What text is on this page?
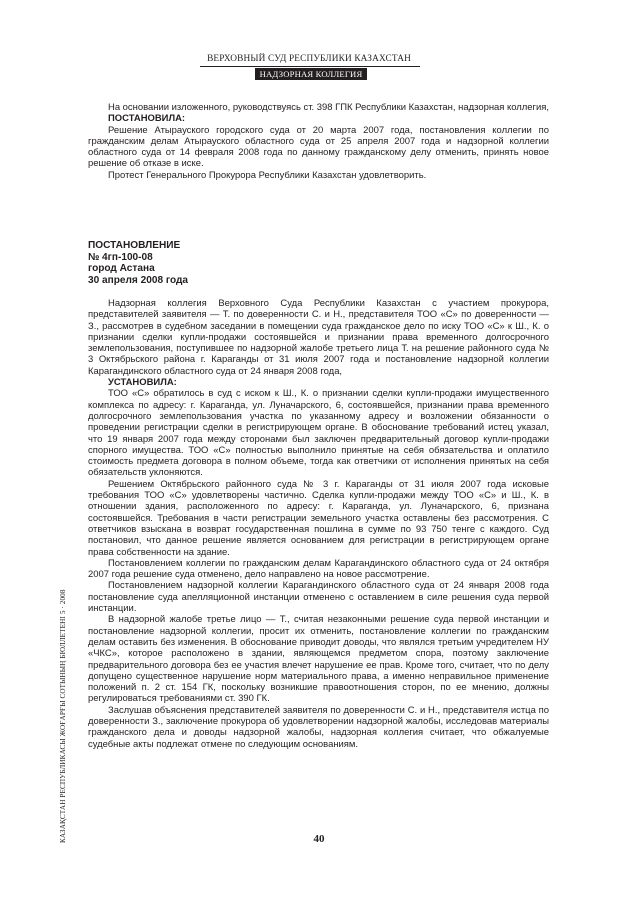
ВЕРХОВНЫЙ СУД РЕСПУБЛИКИ КАЗАХСТАН
НАДЗОРНАЯ КОЛЛЕГИЯ
КАЗАҚСТАН РЕСПУБЛИКАСЫ ЖОҒАРҒЫ СОТЫНЫҢ БЮЛЛЕТЕНІ 5 · 2008

На основании изложенного, руководствуясь ст. 398 ГПК Республики Казахстан, надзорная коллегия,

ПОСТАНОВИЛА:

Решение Атырауского городского суда от 20 марта 2007 года, постановления коллегии по гражданским делам Атырауского областного суда от 25 апреля 2007 года и надзорной коллегии областного суда от 14 февраля 2008 года по данному гражданскому делу отменить, принять новое решение об отказе в иске.

Протест Генерального Прокурора Республики Казахстан удовлетворить.

ПОСТАНОВЛЕНИЕ
№ 4гп-100-08
город Астана
30 апреля 2008 года

Надзорная коллегия Верховного Суда Республики Казахстан с участием прокурора, представителей заявителя — Т. по доверенности С. и Н., представителя ТОО «С» по доверенности — З., рассмотрев в судебном заседании в помещении суда гражданское дело по иску ТОО «С» к Ш., К. о признании сделки купли-продажи состоявшейся и признании права временного долгосрочного землепользования, поступившее по надзорной жалобе третьего лица Т. на решение районного суда № 3 Октябрьского района г. Караганды от 31 июля 2007 года и постановление надзорной коллегии Карагандинского областного суда от 24 января 2008 года,

УСТАНОВИЛА:

ТОО «С» обратилось в суд с иском к Ш., К. о признании сделки купли-продажи имущественного комплекса по адресу: г. Караганда, ул. Луначарского, 6, состоявшейся, признании права временного долгосрочного землепользования участка по указанному адресу и возложении обязанности о проведении регистрации сделки в регистрирующем органе. В обоснование требований истец указал, что 19 января 2007 года между сторонами был заключен предварительный договор купли-продажи спорного имущества. ТОО «С» полностью выполнило принятые на себя обязательства и оплатило стоимость предмета договора в полном объеме, тогда как ответчики от исполнения принятых на себя обязательств уклоняются.

Решением Октябрьского районного суда № 3 г. Караганды от 31 июля 2007 года исковые требования ТОО «С» удовлетворены частично. Сделка купли-продажи между ТОО «С» и Ш., К. в отношении здания, расположенного по адресу: г. Караганда, ул. Луначарского, 6, признана состоявшейся. Требования в части регистрации земельного участка оставлены без рассмотрения. С ответчиков взыскана в возврат государственная пошлина в сумме по 93 750 тенге с каждого. Суд постановил, что данное решение является основанием для регистрации в регистрирующем органе права собственности на здание.

Постановлением коллегии по гражданским делам Карагандинского областного суда от 24 октября 2007 года решение суда отменено, дело направлено на новое рассмотрение.

Постановлением надзорной коллегии Карагандинского областного суда от 24 января 2008 года постановление суда апелляционной инстанции отменено с оставлением в силе решения суда первой инстанции.

В надзорной жалобе третье лицо — Т., считая незаконными решение суда первой инстанции и постановление надзорной коллегии, просит их отменить, постановление коллегии по гражданским делам оставить без изменения. В обоснование приводит доводы, что являлся третьим учредителем НУ «ЧКС», которое расположено в здании, являющемся предметом спора, поэтому заключение предварительного договора без ее участия влечет нарушение ее прав. Кроме того, считает, что по делу допущено существенное нарушение норм материального права, а именно неправильное применение положений п. 2 ст. 154 ГК, поскольку возникшие правоотношения сторон, по ее мнению, должны регулироваться требованиями ст. 390 ГК.

Заслушав объяснения представителей заявителя по доверенности С. и Н., представителя истца по доверенности З., заключение прокурора об удовлетворении надзорной жалобы, исследовав материалы гражданского дела и доводы надзорной жалобы, надзорная коллегия считает, что обжалуемые судебные акты подлежат отмене по следующим основаниям.

40
